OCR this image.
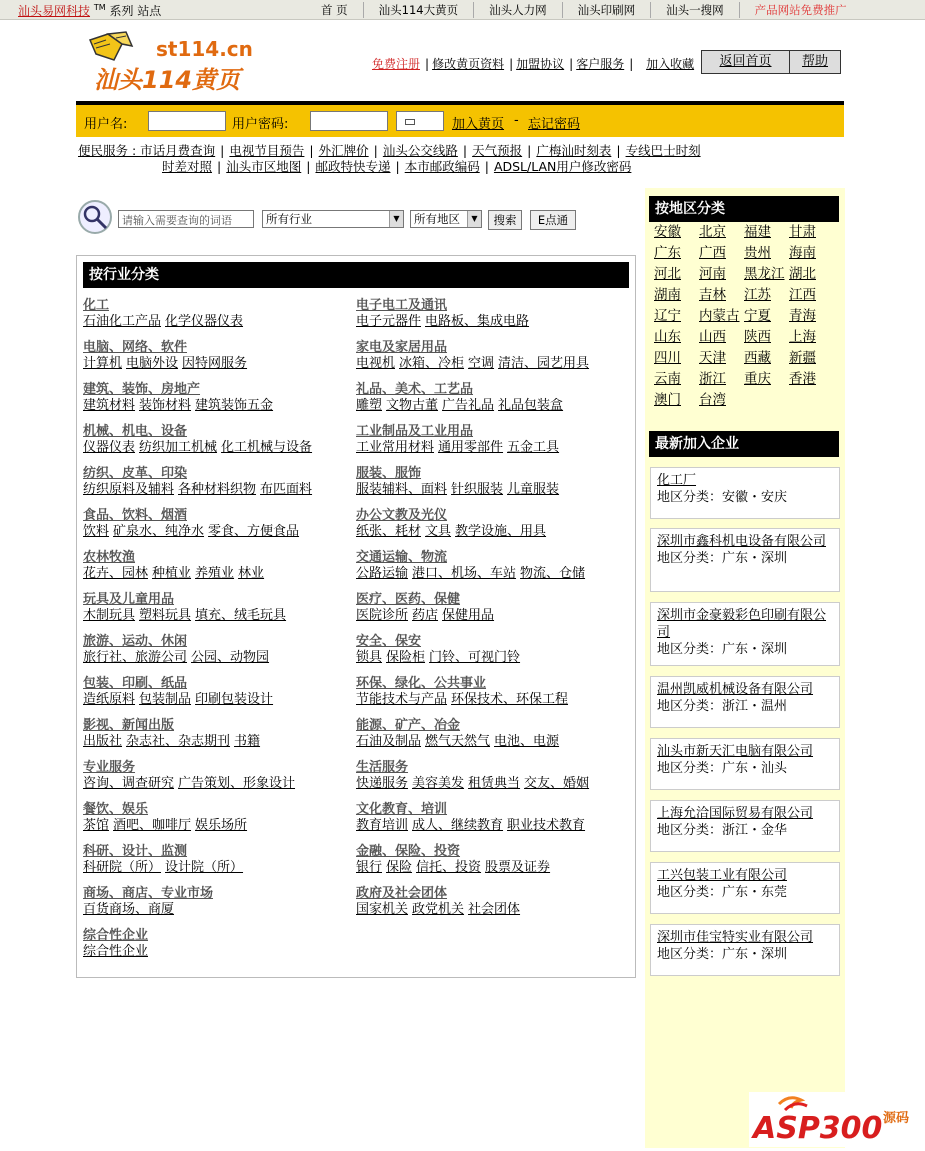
汕头易网科技 ™ 系列 站点	首 页	汕头114大黄页	汕头人力网	汕头印刷网	汕头一搜网	产品网站免费推广
st114.cn
汕头114黄页
免费注册 | 修改黄页资料 | 加盟协议 | 客户服务 | 加入收藏	返回首页	帮助
用户名:	用户密码:	加入黄页 - 忘记密码
便民服务 : 市话月费查询 | 电视节目预告 | 外汇牌价 | 汕头公交线路 | 天气预报 | 广梅汕时刻表 | 专线巴士时刻
时差对照 | 汕头市区地图 | 邮政特快专递 | 本市邮政编码 | ADSL/LAN用户修改密码
请输入需要查询的词语	所有行业	▼	所有地区	▼	搜索	E点通
按行业分类
化工
石油化工产品 化学仪器仪表
电脑、网络、软件
计算机 电脑外设 因特网服务
建筑、装饰、房地产
建筑材料 装饰材料 建筑装饰五金
机械、机电、设备
仪器仪表 纺织加工机械 化工机械与设备
纺织、皮革、印染
纺织原料及辅料 各种材料织物 布匹面料
食品、饮料、烟酒
饮料 矿泉水、纯净水 零食、方便食品
农林牧渔
花卉、园林 种植业 养殖业 林业
玩具及儿童用品
木制玩具 塑料玩具 填充、绒毛玩具
旅游、运动、休闲
旅行社、旅游公司 公园、动物园
包装、印刷、纸品
造纸原料 包装制品 印刷包装设计
影视、新闻出版
出版社 杂志社、杂志期刊 书籍
专业服务
咨询、调查研究 广告策划、形象设计
餐饮、娱乐
茶馆 酒吧、咖啡厅 娱乐场所
科研、设计、监测
科研院（所） 设计院（所）
商场、商店、专业市场
百货商场、商厦
综合性企业
综合性企业
电子电工及通讯
电子元器件 电路板、集成电路
家电及家居用品
电视机 冰箱、冷柜 空调 清洁、园艺用具
礼品、美术、工艺品
雕塑 文物古董 广告礼品 礼品包装盒
工业制品及工业用品
工业常用材料 通用零部件 五金工具
服装、服饰
服装辅料、面料 针织服装 儿童服装
办公文教及光仪
纸张、耗材 文具 教学设施、用具
交通运输、物流
公路运输 港口、机场、车站 物流、仓储
医疗、医药、保健
医院诊所 药店 保健用品
安全、保安
锁具 保险柜 门铃、可视门铃
环保、绿化、公共事业
节能技术与产品 环保技术、环保工程
能源、矿产、冶金
石油及制品 燃气天然气 电池、电源
生活服务
快递服务 美容美发 租赁典当 交友、婚姻
文化教育、培训
教育培训 成人、继续教育 职业技术教育
金融、保险、投资
银行 保险 信托、投资 股票及证券
政府及社会团体
国家机关 政党机关 社会团体
按地区分类
安徽	北京	福建	甘肃
广东	广西	贵州	海南
河北	河南	黑龙江 湖北
湖南	吉林	江苏	江西
辽宁	内蒙古 宁夏	青海
山东	山西	陕西	上海
四川	天津	西藏	新疆
云南	浙江	重庆	香港
澳门	台湾
最新加入企业
化工厂
地区分类：安徽・安庆
深圳市鑫科机电设备有限公司
地区分类：广东・深圳
深圳市金豪毅彩色印刷有限公司
地区分类：广东・深圳
温州凯威机械设备有限公司
地区分类：浙江・温州
汕头市新天汇电脑有限公司
地区分类：广东・汕头
上海允洽国际贸易有限公司
地区分类：浙江・金华
工兴包装工业有限公司
地区分类：广东・东莞
深圳市佳宝特实业有限公司
地区分类：广东・深圳
ASP300 源码
